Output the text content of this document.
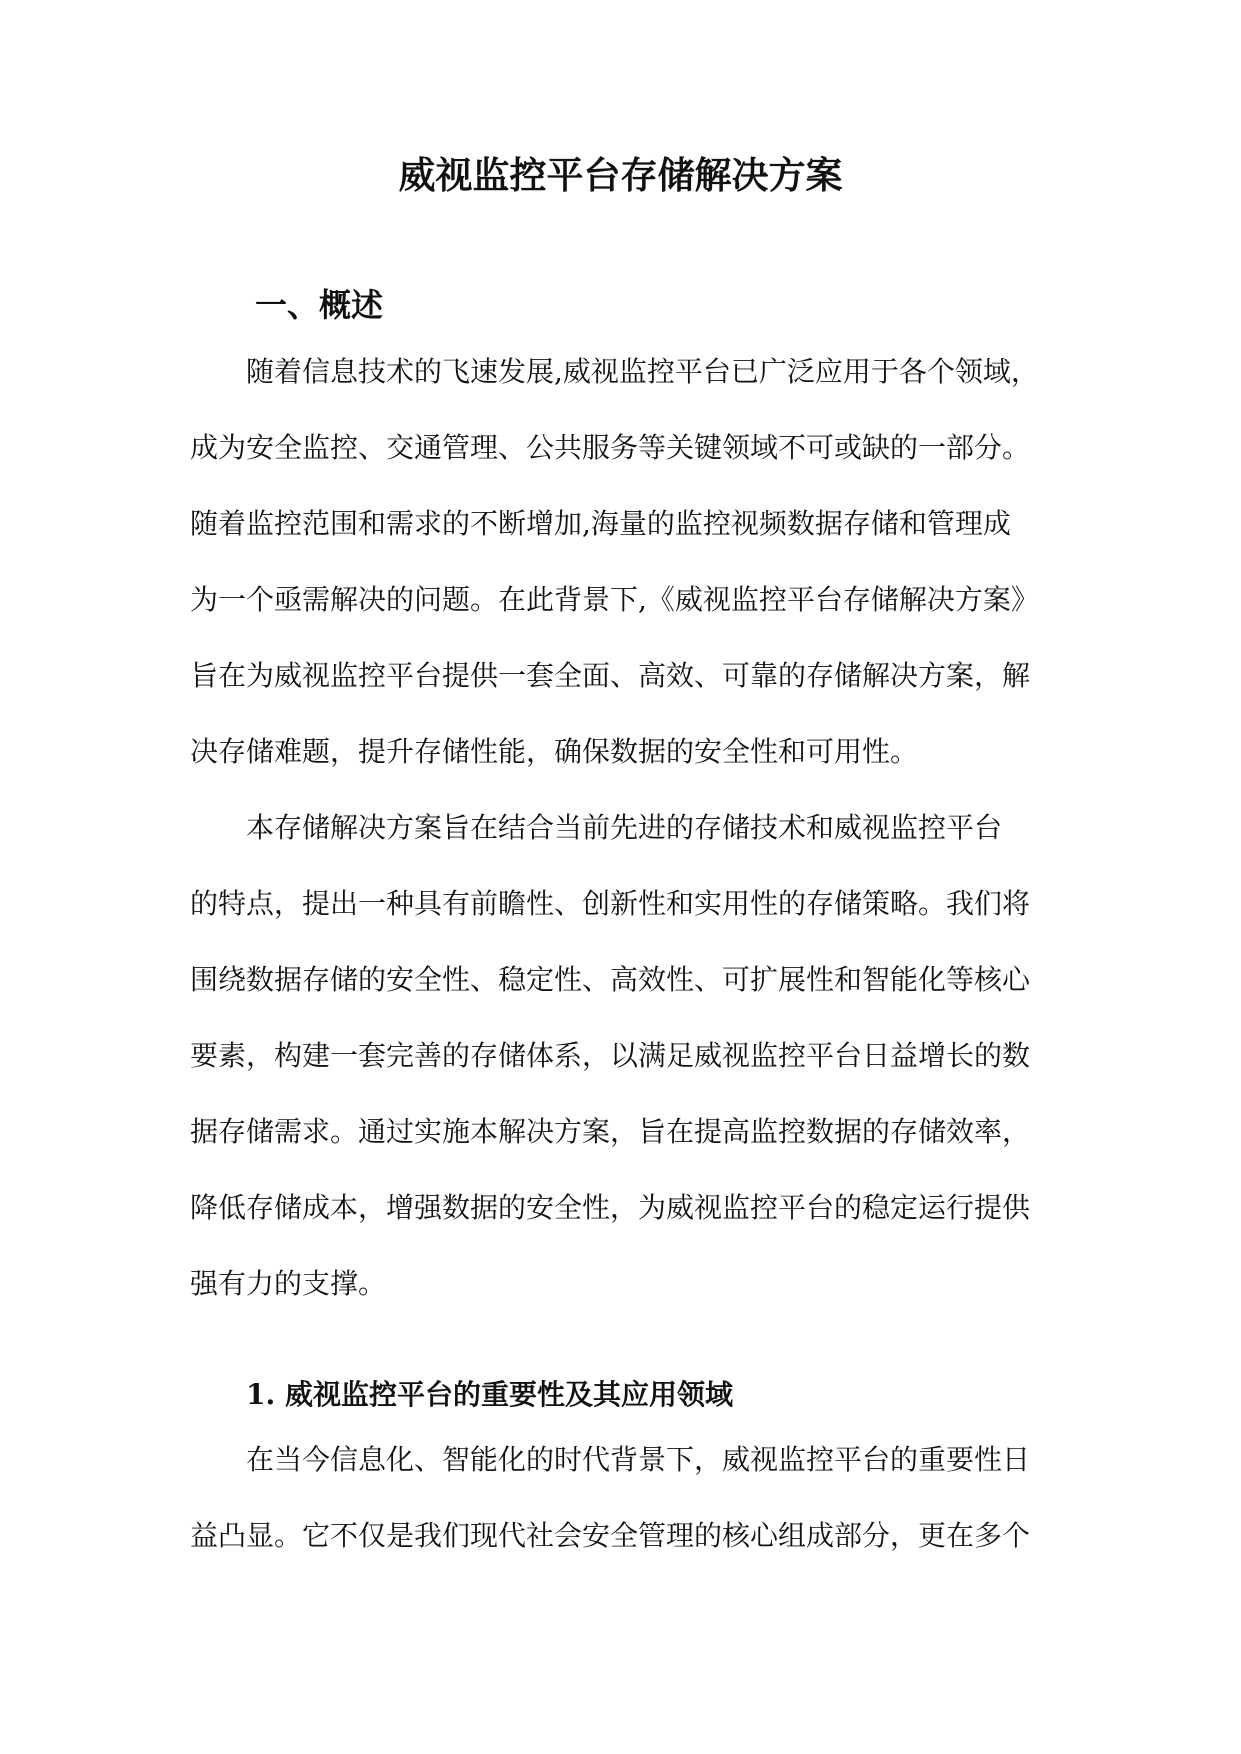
威视监控平台存储解决方案
一、概述
随着信息技术的飞速发展,威视监控平台已广泛应用于各个领域，
成为安全监控、交通管理、公共服务等关键领域不可或缺的一部分。
随着监控范围和需求的不断增加,海量的监控视频数据存储和管理成
为一个亟需解决的问题。在此背景下,《威视监控平台存储解决方案》
旨在为威视监控平台提供一套全面、高效、可靠的存储解决方案，解
决存储难题，提升存储性能，确保数据的安全性和可用性。
本存储解决方案旨在结合当前先进的存储技术和威视监控平台
的特点，提出一种具有前瞻性、创新性和实用性的存储策略。我们将
围绕数据存储的安全性、稳定性、高效性、可扩展性和智能化等核心
要素，构建一套完善的存储体系，以满足威视监控平台日益增长的数
据存储需求。通过实施本解决方案，旨在提高监控数据的存储效率，
降低存储成本，增强数据的安全性，为威视监控平台的稳定运行提供
强有力的支撑。
1. 威视监控平台的重要性及其应用领域
在当今信息化、智能化的时代背景下，威视监控平台的重要性日
益凸显。它不仅是我们现代社会安全管理的核心组成部分，更在多个
